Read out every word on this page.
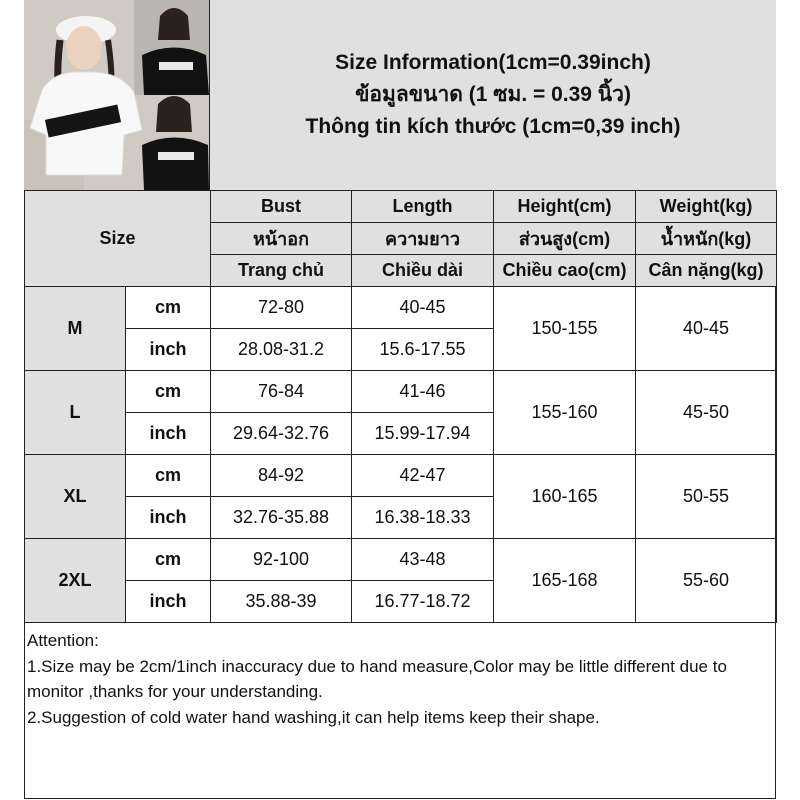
Size Information(1cm=0.39inch)
ข้อมูลขนาด (1 ซม. = 0.39 นิ้ว)
Thông tin kích thước (1cm=0,39 inch)
Size		Bust	Length	Height(cm)	Weight(kg)
		หน้าอก	ความยาว	ส่วนสูง(cm)	น้ำหนัก(kg)
		Trang chủ	Chiều dài	Chiều cao(cm)	Cân nặng(kg)
M	cm	72-80	40-45	150-155	40-45
	inch	28.08-31.2	15.6-17.55		
L	cm	76-84	41-46	155-160	45-50
	inch	29.64-32.76	15.99-17.94		
XL	cm	84-92	42-47	160-165	50-55
	inch	32.76-35.88	16.38-18.33		
2XL	cm	92-100	43-48	165-168	55-60
	inch	35.88-39	16.77-18.72		
Attention:
1.Size may be 2cm/1inch inaccuracy due to hand measure,Color may be little different due to monitor ,thanks for your understanding.
2.Suggestion of cold water hand washing,it can help items keep their shape.
